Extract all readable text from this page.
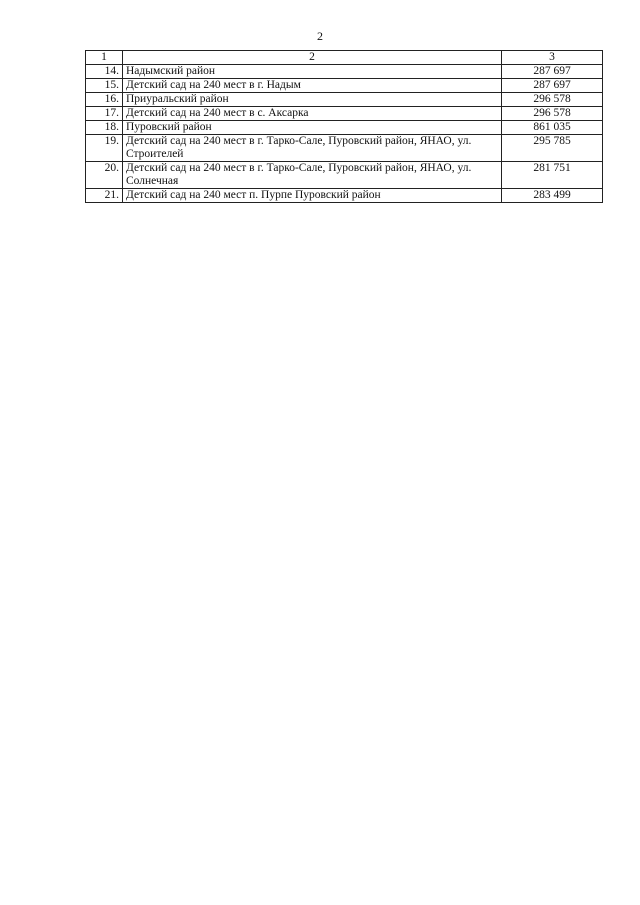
2
1	2	3
14.	Надымский район	287 697
15.	Детский сад на 240 мест в г. Надым	287 697
16.	Приуральский район	296 578
17.	Детский сад на 240 мест в с. Аксарка	296 578
18.	Пуровский район	861 035
19.	Детский сад на 240 мест в г. Тарко-Сале, Пуровский район, ЯНАО, ул. Строителей	295 785
20.	Детский сад на 240 мест в г. Тарко-Сале, Пуровский район, ЯНАО, ул. Солнечная	281 751
21.	Детский сад на 240 мест п. Пурпе Пуровский район	283 499
